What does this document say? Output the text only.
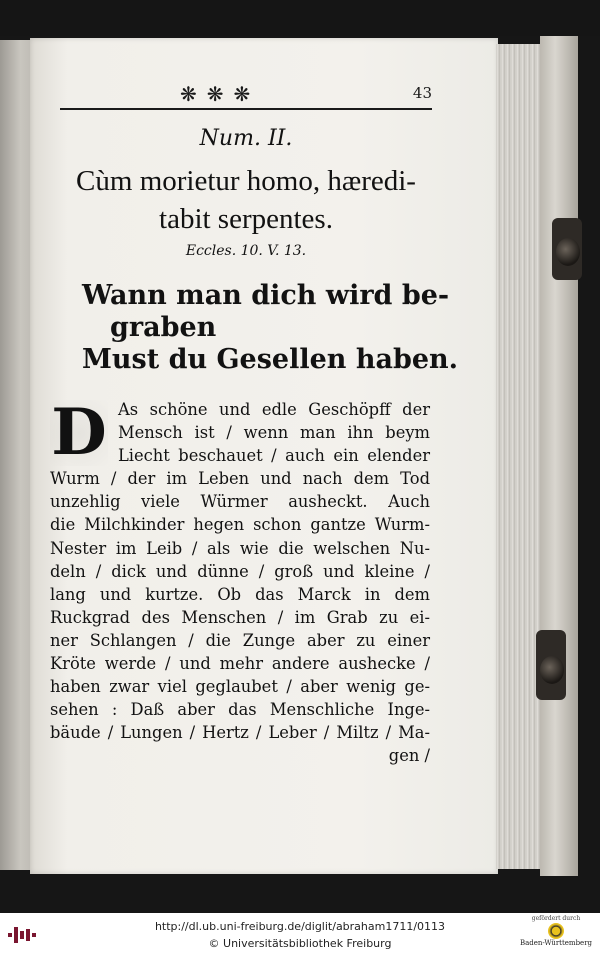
❋❋❋	43
Num. II.
Cùm morietur homo, hæredi-
tabit serpentes.
Eccles. 10. V. 13.
Wann man dich wird be-
graben
Must du Gesellen haben.
D As schöne und edle Geschöpff der
Mensch ist / wenn man ihn beym
Liecht beschauet / auch ein elender
Wurm / der im Leben und nach dem Tod
unzehlig viele Würmer ausheckt. Auch
die Milchkinder hegen schon gantze Wurm-
Nester im Leib / als wie die welschen Nu-
deln / dick und dünne / groß und kleine /
lang und kurtze. Ob das Marck in dem
Ruckgrad des Menschen / im Grab zu ei-
ner Schlangen / die Zunge aber zu einer
Kröte werde / und mehr andere aushecke /
haben zwar viel geglaubet / aber wenig ge-
sehen : Daß aber das Menschliche Inge-
bäude / Lungen / Hertz / Leber / Miltz / Ma-
gen /
http://dl.ub.uni-freiburg.de/diglit/abraham1711/0113
© Universitätsbibliothek Freiburg
gefördert durch
Baden-Württemberg
